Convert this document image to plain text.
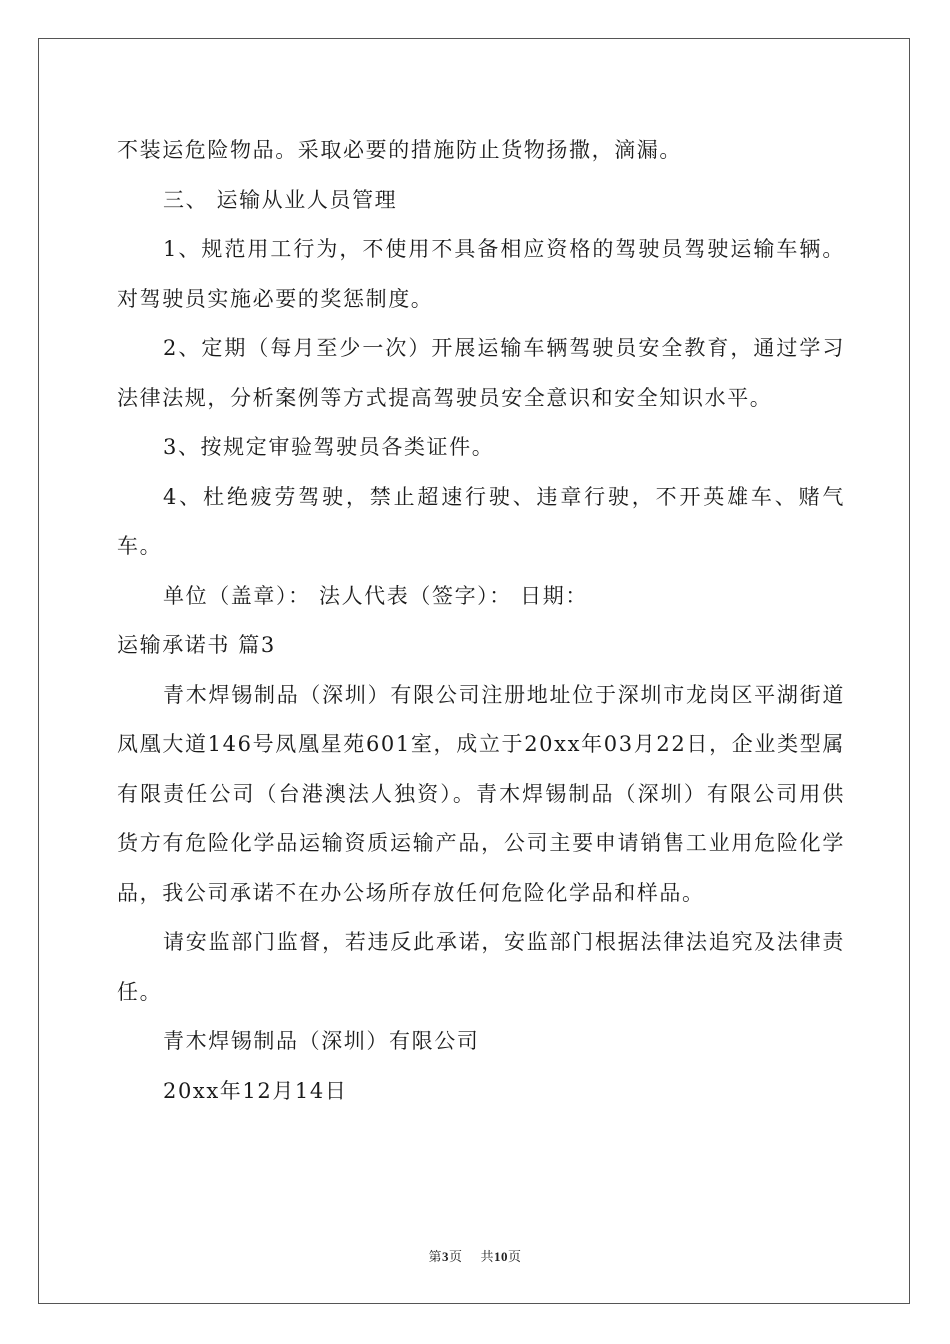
不装运危险物品。采取必要的措施防止货物扬撒，滴漏。

三、 运输从业人员管理

1、规范用工行为，不使用不具备相应资格的驾驶员驾驶运输车辆。对驾驶员实施必要的奖惩制度。

2、定期（每月至少一次）开展运输车辆驾驶员安全教育，通过学习法律法规，分析案例等方式提高驾驶员安全意识和安全知识水平。

3、按规定审验驾驶员各类证件。

4、杜绝疲劳驾驶，禁止超速行驶、违章行驶，不开英雄车、赌气车。

单位（盖章）： 法人代表（签字）： 日期：

运输承诺书 篇3

青木焊锡制品（深圳）有限公司注册地址位于深圳市龙岗区平湖街道凤凰大道146号凤凰星苑601室，成立于20xx年03月22日，企业类型属有限责任公司（台港澳法人独资）。青木焊锡制品（深圳）有限公司用供货方有危险化学品运输资质运输产品，公司主要申请销售工业用危险化学品，我公司承诺不在办公场所存放任何危险化学品和样品。

请安监部门监督，若违反此承诺，安监部门根据法律法追究及法律责任。

青木焊锡制品（深圳）有限公司

20xx年12月14日

第3页 共10页
